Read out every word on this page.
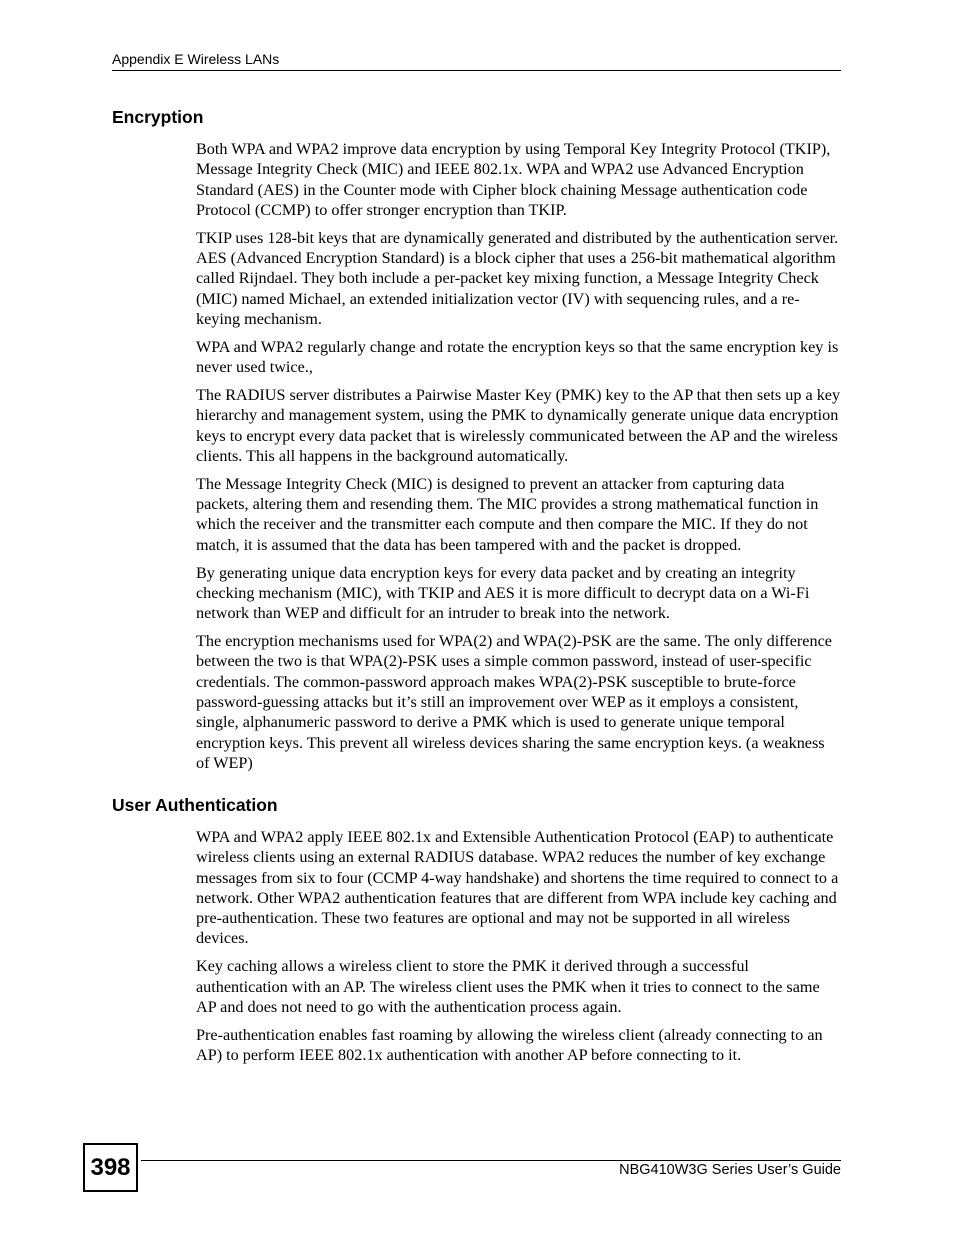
Appendix E Wireless LANs
Encryption

Both WPA and WPA2 improve data encryption by using Temporal Key Integrity Protocol (TKIP), Message Integrity Check (MIC) and IEEE 802.1x. WPA and WPA2 use Advanced Encryption Standard (AES) in the Counter mode with Cipher block chaining Message authentication code Protocol (CCMP) to offer stronger encryption than TKIP.

TKIP uses 128-bit keys that are dynamically generated and distributed by the authentication server. AES (Advanced Encryption Standard) is a block cipher that uses a 256-bit mathematical algorithm called Rijndael. They both include a per-packet key mixing function, a Message Integrity Check (MIC) named Michael, an extended initialization vector (IV) with sequencing rules, and a re-keying mechanism.

WPA and WPA2 regularly change and rotate the encryption keys so that the same encryption key is never used twice.,

The RADIUS server distributes a Pairwise Master Key (PMK) key to the AP that then sets up a key hierarchy and management system, using the PMK to dynamically generate unique data encryption keys to encrypt every data packet that is wirelessly communicated between the AP and the wireless clients. This all happens in the background automatically.

The Message Integrity Check (MIC) is designed to prevent an attacker from capturing data packets, altering them and resending them. The MIC provides a strong mathematical function in which the receiver and the transmitter each compute and then compare the MIC. If they do not match, it is assumed that the data has been tampered with and the packet is dropped.

By generating unique data encryption keys for every data packet and by creating an integrity checking mechanism (MIC), with TKIP and AES it is more difficult to decrypt data on a Wi-Fi network than WEP and difficult for an intruder to break into the network.

The encryption mechanisms used for WPA(2) and WPA(2)-PSK are the same. The only difference between the two is that WPA(2)-PSK uses a simple common password, instead of user-specific credentials. The common-password approach makes WPA(2)-PSK susceptible to brute-force password-guessing attacks but it’s still an improvement over WEP as it employs a consistent, single, alphanumeric password to derive a PMK which is used to generate unique temporal encryption keys. This prevent all wireless devices sharing the same encryption keys. (a weakness of WEP)

User Authentication

WPA and WPA2 apply IEEE 802.1x and Extensible Authentication Protocol (EAP) to authenticate wireless clients using an external RADIUS database. WPA2 reduces the number of key exchange messages from six to four (CCMP 4-way handshake) and shortens the time required to connect to a network. Other WPA2 authentication features that are different from WPA include key caching and pre-authentication. These two features are optional and may not be supported in all wireless devices.

Key caching allows a wireless client to store the PMK it derived through a successful authentication with an AP. The wireless client uses the PMK when it tries to connect to the same AP and does not need to go with the authentication process again.

Pre-authentication enables fast roaming by allowing the wireless client (already connecting to an AP) to perform IEEE 802.1x authentication with another AP before connecting to it.

398	NBG410W3G Series User’s Guide
